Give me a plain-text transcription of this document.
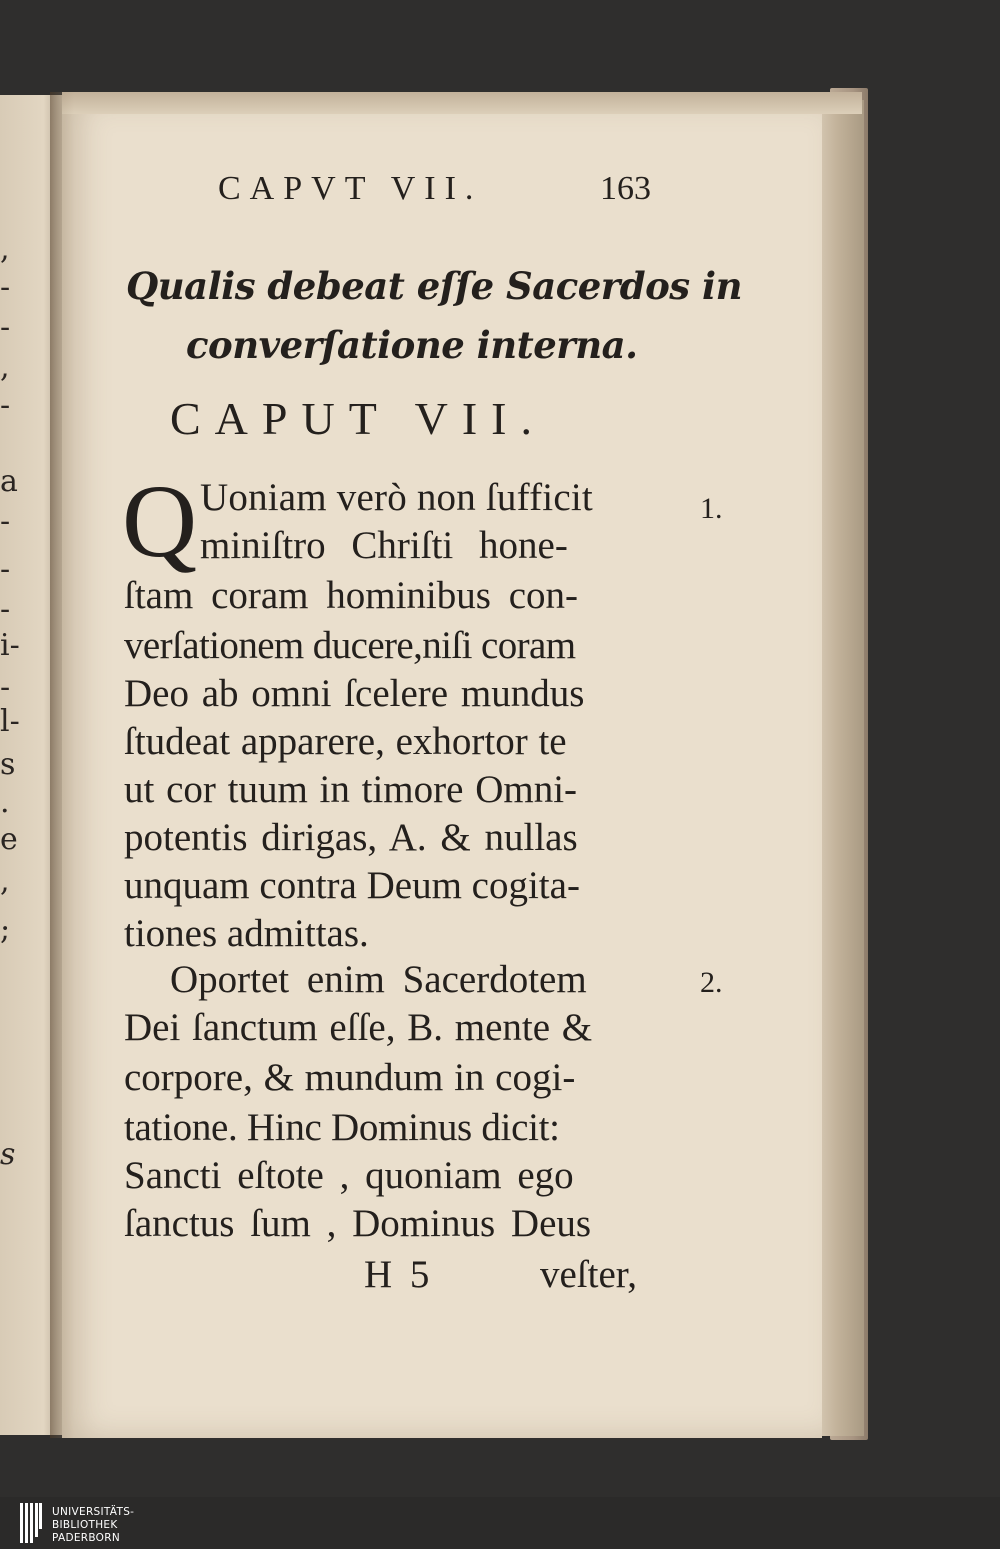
,
-
-
,
-
a
-
-
-
i-
-
l-
s
.
e
,
;
s
CAPVT VII.	163
Qualis debeat eſſe Sacerdos in
converſatione interna.
CAPUT VII.
Q Uoniam verò non ſufficit
miniſtro Chriſti hone-
ſtam coram hominibus con-
verſationem ducere,niſi coram
Deo ab omni ſcelere mundus
ſtudeat apparere, exhortor te
ut cor tuum in timore Omni-
potentis dirigas, A. & nullas
unquam contra Deum cogita-
tiones admittas.
Oportet enim Sacerdotem
Dei ſanctum eſſe, B. mente &
corpore, & mundum in cogi-
tatione. Hinc Dominus dicit:
Sancti eſtote , quoniam ego
ſanctus ſum , Dominus Deus
1.
2.
H 5	veſter,
UNIVERSITÄTS-
BIBLIOTHEK
PADERBORN
